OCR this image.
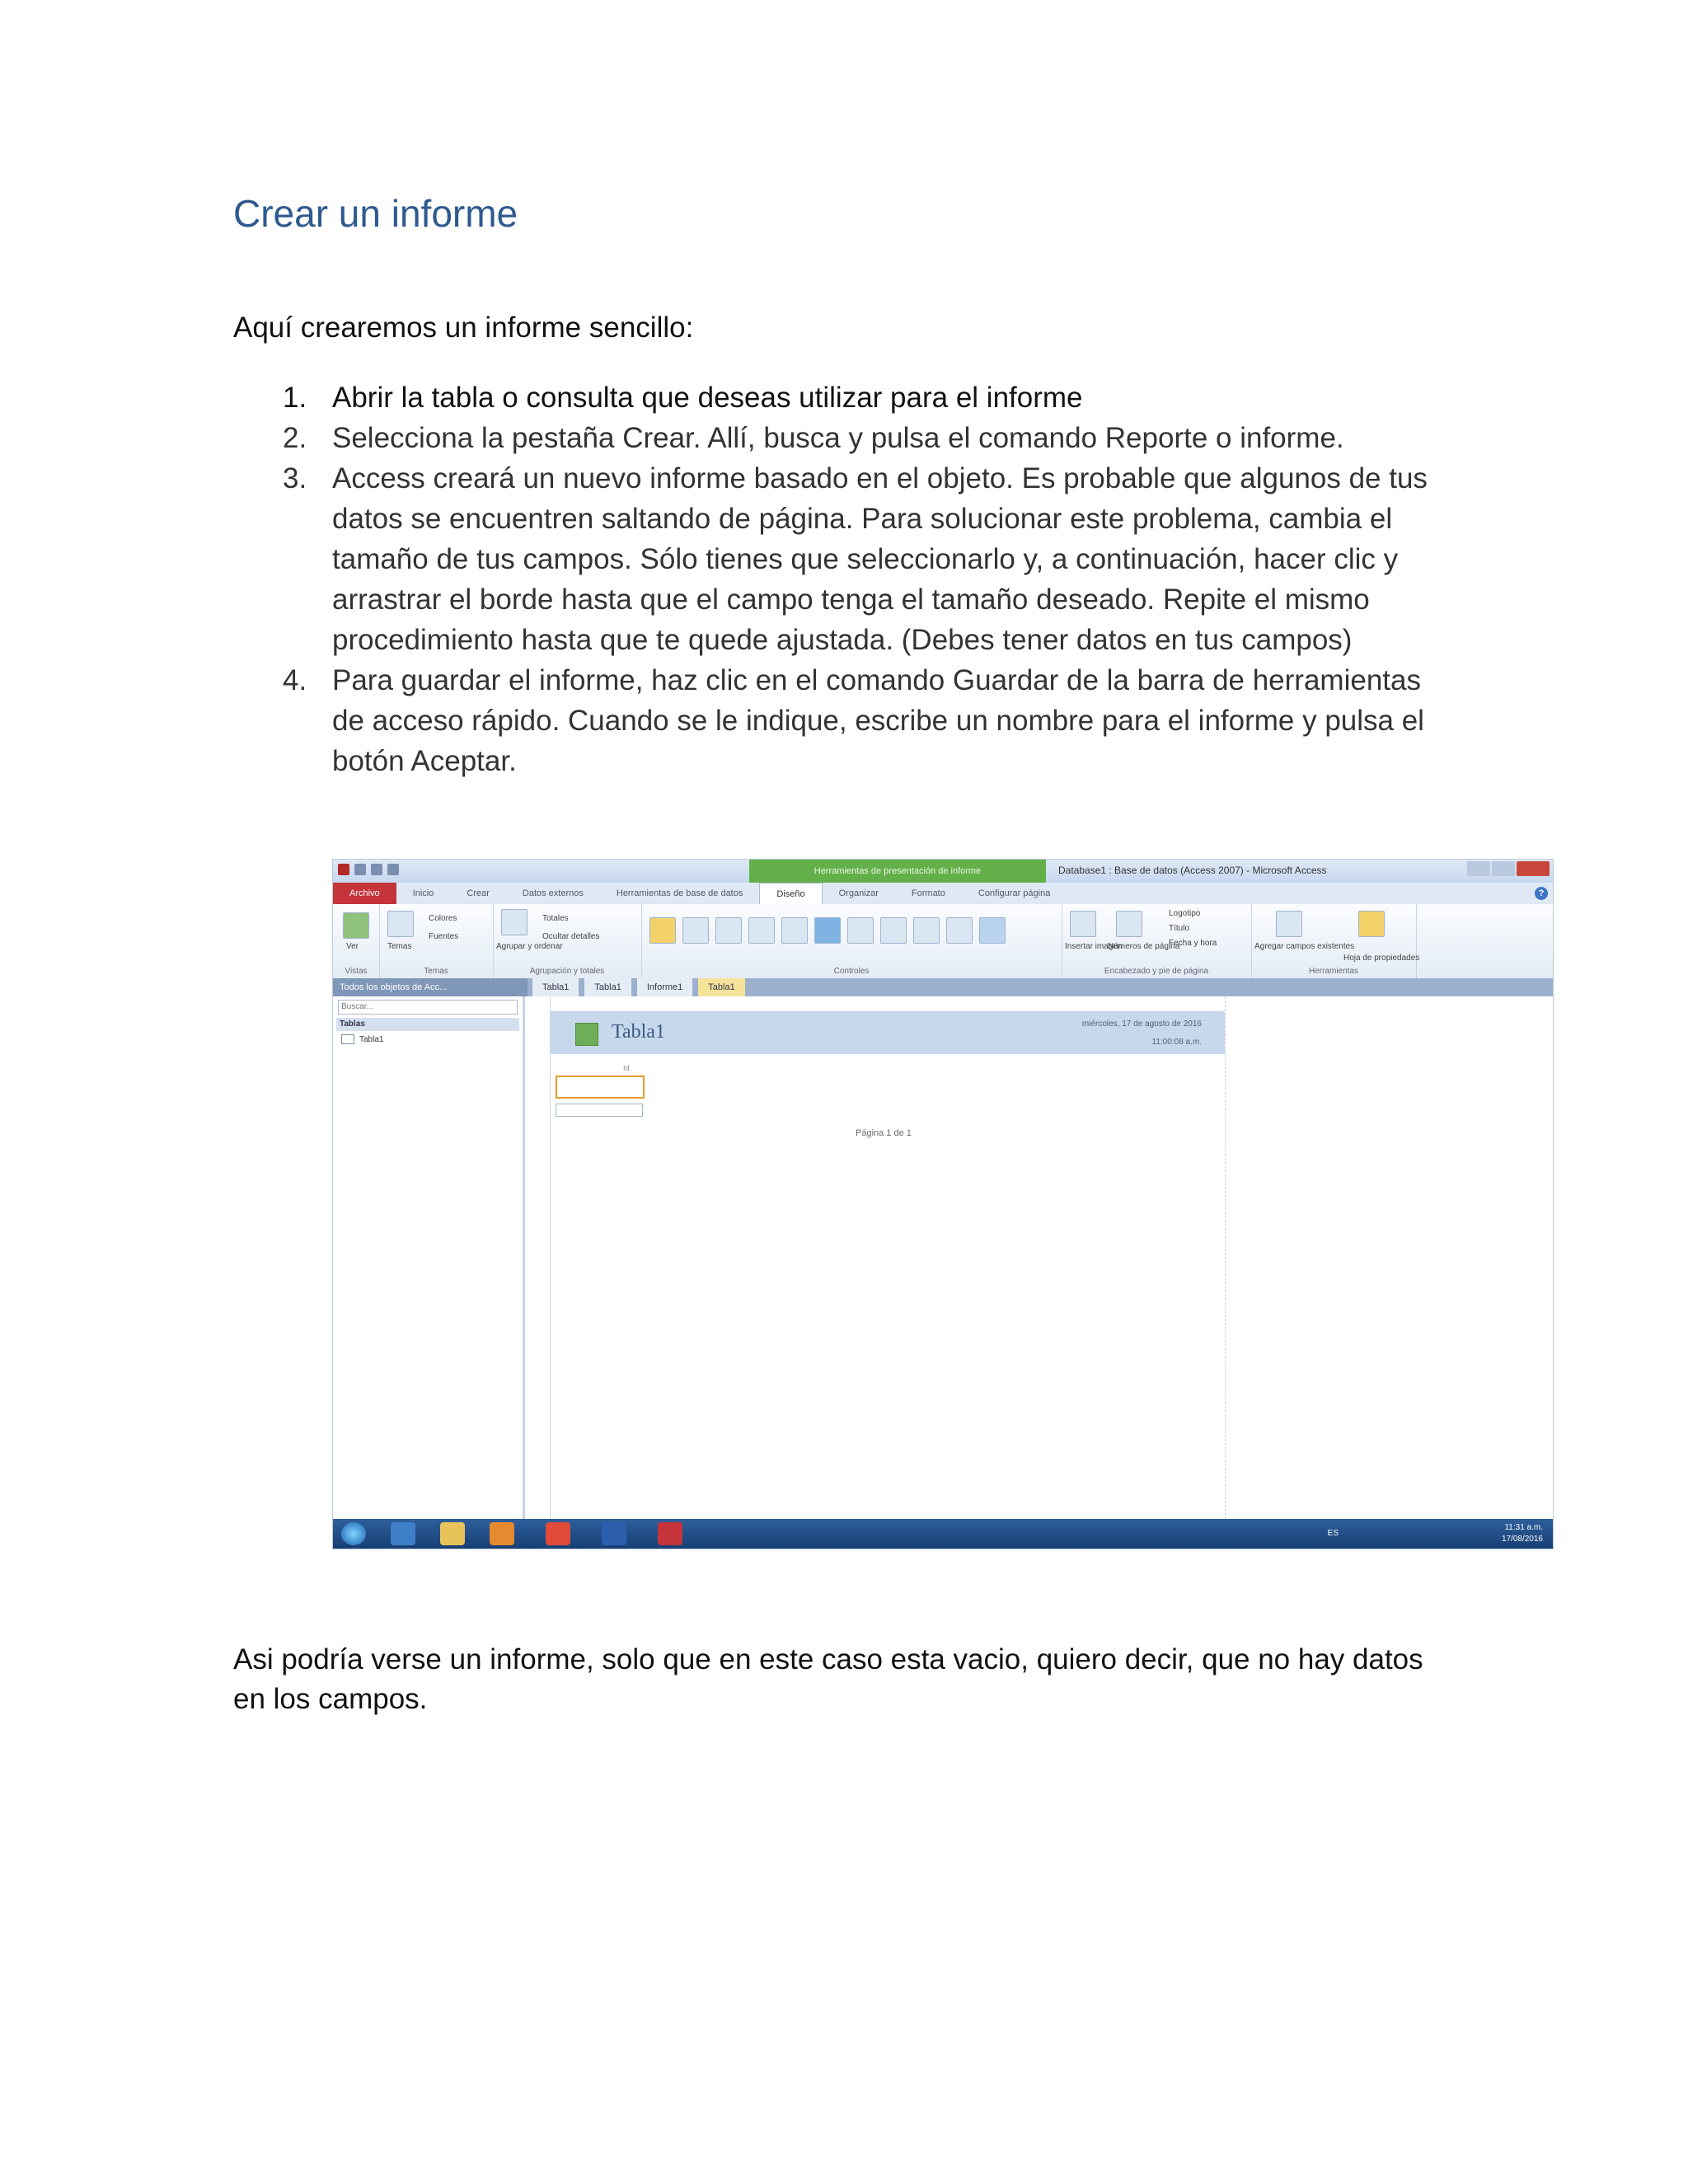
Crear un informe

Aquí crearemos un informe sencillo:

1. Abrir la tabla o consulta que deseas utilizar para el informe
2. Selecciona la pestaña Crear. Allí, busca y pulsa el comando Reporte o informe.
3. Access creará un nuevo informe basado en el objeto. Es probable que algunos de tus datos se encuentren saltando de página. Para solucionar este problema, cambia el tamaño de tus campos. Sólo tienes que seleccionarlo y, a continuación, hacer clic y arrastrar el borde hasta que el campo tenga el tamaño deseado. Repite el mismo procedimiento hasta que te quede ajustada. (Debes tener datos en tus campos)
4. Para guardar el informe, haz clic en el comando Guardar de la barra de herramientas de acceso rápido. Cuando se le indique, escribe un nombre para el informe y pulsa el botón Aceptar.
Herramientas de presentación de informe	Database1 : Base de datos (Access 2007) - Microsoft Access
Archivo	Inicio	Crear	Datos externos	Herramientas de base de datos	Diseño	Organizar	Formato	Configurar página	?
Ver
Vistas
Temas
Colores
Fuentes
Temas
Agrupar y ordenar
Totales
Ocultar detalles
Agrupación y totales	Controles
Insertar imagen
Números de página
Logotipo
Título
Fecha y hora
Encabezado y pie de página
Agregar campos existentes
Hoja de propiedades
Herramientas
Todos los objetos de Acc...	Tabla1	Tabla1	Informe1	Tabla1
Buscar...
Tablas
Tabla1	Tabla1	miércoles, 17 de agosto de 2016
11:00:08 a.m.
Id
Página 1 de 1
ES
11:31 a.m.
17/08/2016

Asi podría verse un informe, solo que en este caso esta vacio, quiero decir, que no hay datos en los campos.
